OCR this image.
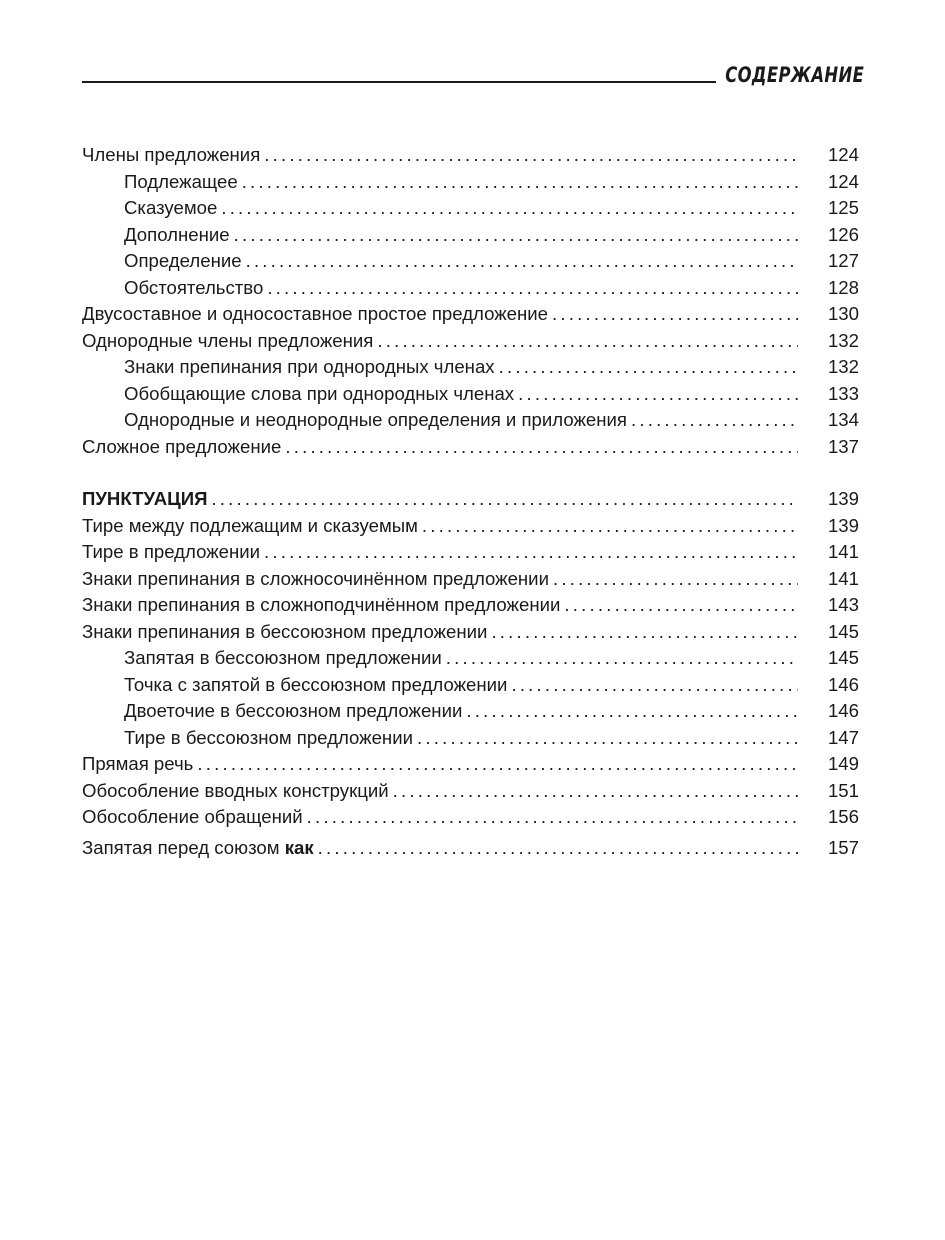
СОДЕРЖАНИЕ
Члены предложения .....	124
Подлежащее .....	124
Сказуемое .....	125
Дополнение .....	126
Определение .....	127
Обстоятельство .....	128
Двусоставное и односоставное простое предложение .....	130
Однородные члены предложения .....	132
Знаки препинания при однородных членах .....	132
Обобщающие слова при однородных членах .....	133
Однородные и неоднородные определения и приложения .....	134
Сложное предложение .....	137
ПУНКТУАЦИЯ .....	139
Тире между подлежащим и сказуемым .....	139
Тире в предложении .....	141
Знаки препинания в сложносочинённом предложении .....	141
Знаки препинания в сложноподчинённом предложении .....	143
Знаки препинания в бессоюзном предложении .....	145
Запятая в бессоюзном предложении .....	145
Точка с запятой в бессоюзном предложении .....	146
Двоеточие в бессоюзном предложении .....	146
Тире в бессоюзном предложении .....	147
Прямая речь .....	149
Обособление вводных конструкций .....	151
Обособление обращений .....	156
Запятая перед союзом как .....	157
